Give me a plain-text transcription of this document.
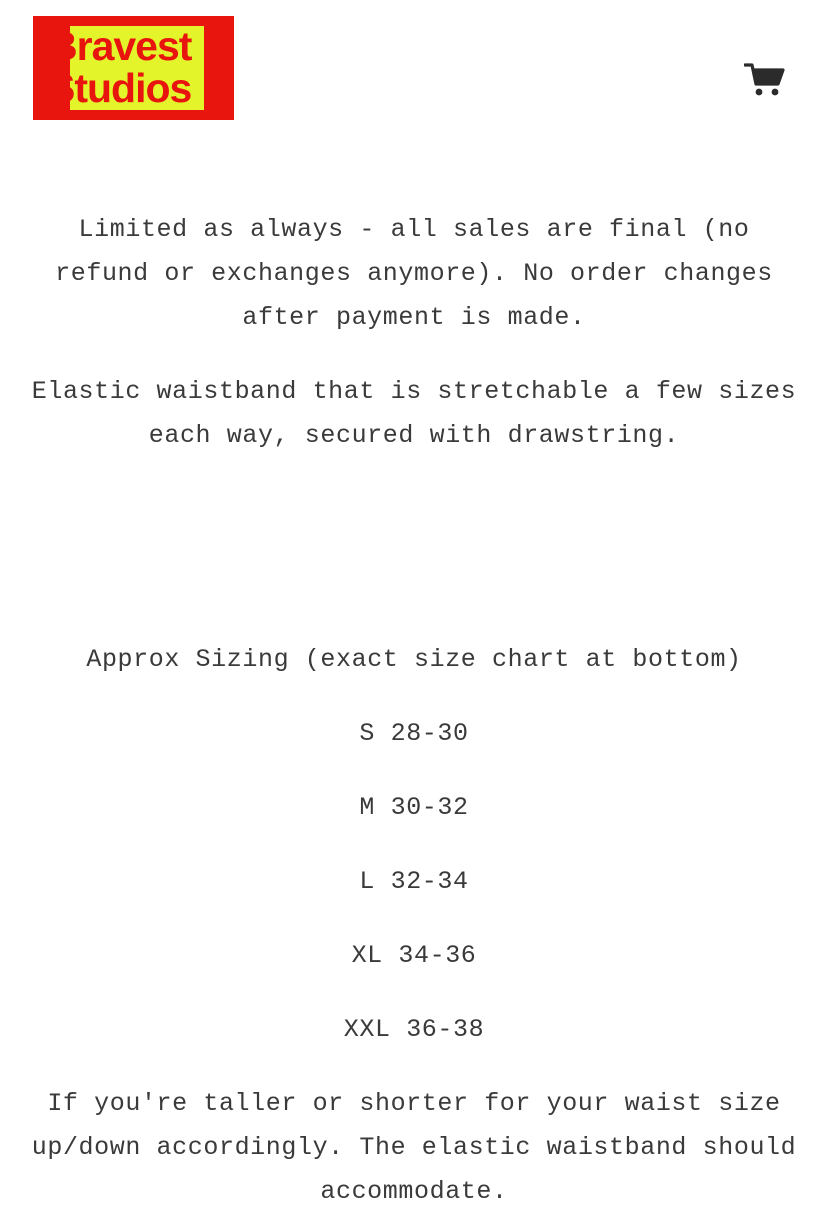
Bravest
Studios
Limited as always - all sales are final (no refund or exchanges anymore). No order changes after payment is made.
Elastic waistband that is stretchable a few sizes each way, secured with drawstring.
Approx Sizing (exact size chart at bottom)
S 28-30
M 30-32
L 32-34
XL 34-36
XXL 36-38
If you're taller or shorter for your waist size up/down accordingly. The elastic waistband should accommodate.
